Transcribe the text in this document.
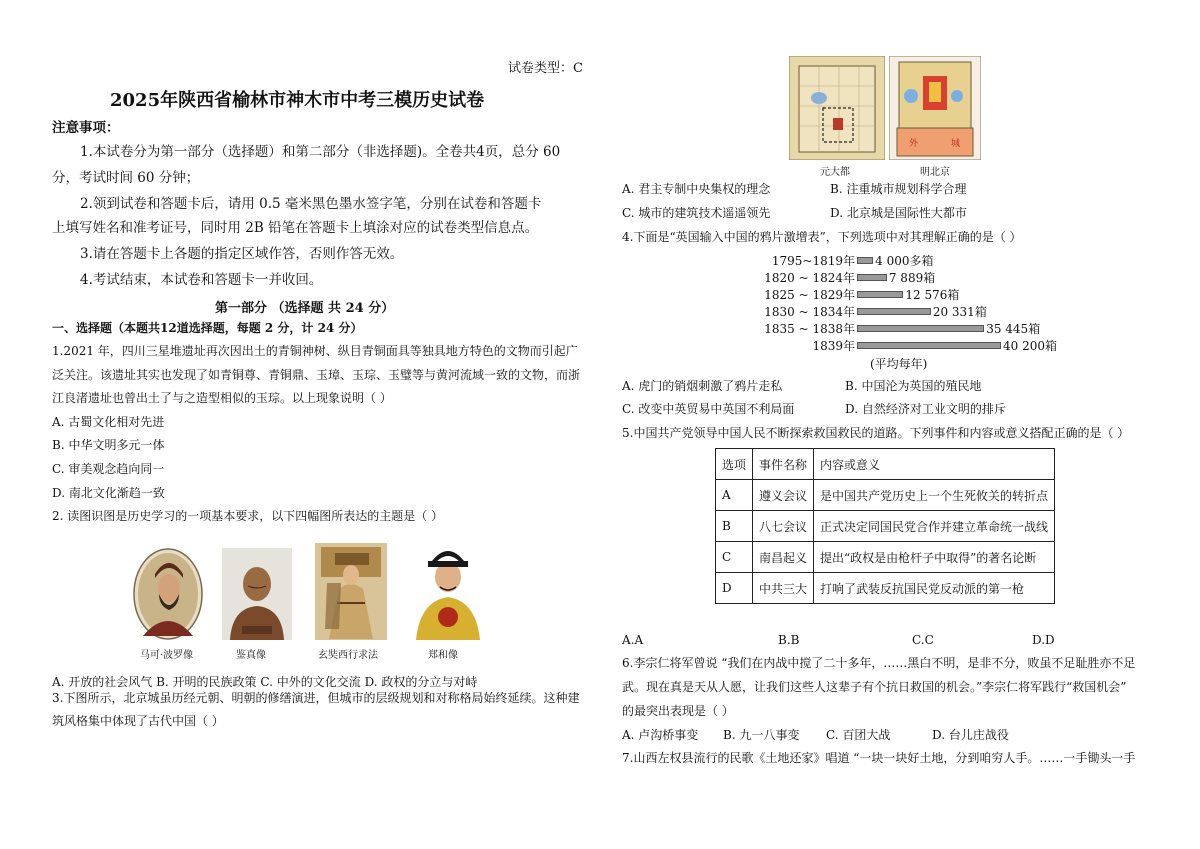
试卷类型：C
2025年陕西省榆林市神木市中考三模历史试卷
注意事项：
1.本试卷分为第一部分（选择题）和第二部分（非选择题)。全卷共4页，总分 60
分，考试时间 60 分钟；
2.领到试卷和答题卡后，请用 0.5 毫米黑色墨水签字笔，分别在试卷和答题卡
上填写姓名和准考证号，同时用 2B 铅笔在答题卡上填涂对应的试卷类型信息点。
3.请在答题卡上各题的指定区域作答，否则作答无效。
4.考试结束，本试卷和答题卡一并收回。
第一部分 （选择题 共 24 分）
一、选择题（本题共12道选择题，每题 2 分，计 24 分）
1.2021 年，四川三星堆遗址再次因出土的青铜神树、纵目青铜面具等独具地方特色的文物而引起广
泛关注。该遗址其实也发现了如青铜尊、青铜鼎、玉璋、玉琮、玉璧等与黄河流域一致的文物，而浙
江良渚遗址也曾出土了与之造型相似的玉琮。以上现象说明（ ）
A. 古蜀文化相对先进
B. 中华文明多元一体
C. 审美观念趋向同一
D. 南北文化渐趋一致
2. 读图识图是历史学习的一项基本要求，以下四幅图所表达的主题是（ ）
马可·波罗像	鉴真像	玄奘西行求法	郑和像
A. 开放的社会风气 B. 开明的民族政策 C. 中外的文化交流 D. 政权的分立与对峙
3.下图所示，北京城虽历经元朝、明朝的修缮演进，但城市的层级规划和对称格局始终延续。这种建
筑风格集中体现了古代中国（ ）
元大都
外	城
明北京
A. 君主专制中央集权的理念	B. 注重城市规划科学合理
C. 城市的建筑技术遥遥领先	D. 北京城是国际性大都市
4.下面是“英国输入中国的鸦片激增表”，下列选项中对其理解正确的是（ ）
1795~1819年 4 000多箱
1820 ~ 1824年	7 889箱
1825 ~ 1829年	12 576箱
1830 ~ 1834年	20 331箱
1835 ~ 1838年	35 445箱
1839年	40 200箱
(平均每年)
A. 虎门的销烟刺激了鸦片走私	B. 中国沦为英国的殖民地
C. 改变中英贸易中英国不利局面	D. 自然经济对工业文明的排斥
5.中国共产党领导中国人民不断探索救国救民的道路。下列事件和内容或意义搭配正确的是（ ）
选项	事件名称	内容或意义
A	遵义会议	是中国共产党历史上一个生死攸关的转折点
B	八七会议	正式决定同国民党合作并建立革命统一战线
C	南昌起义	提出“政权是由枪杆子中取得”的著名论断
D	中共三大	打响了武装反抗国民党反动派的第一枪
A.A	B.B	C.C	D.D
6.李宗仁将军曾说 “我们在内战中搅了二十多年，……黑白不明，是非不分，败虽不足耻胜亦不足
武。现在真是天从人愿，让我们这些人这辈子有个抗日救国的机会。”李宗仁将军践行“救国机会”
的最突出表现是（ ）
A. 卢沟桥事变 B. 九一八事变 C. 百团大战	D. 台儿庄战役
7.山西左权县流行的民歌《土地还家》唱道 “一块一块好土地，分到咱穷人手。……一手锄头一手
